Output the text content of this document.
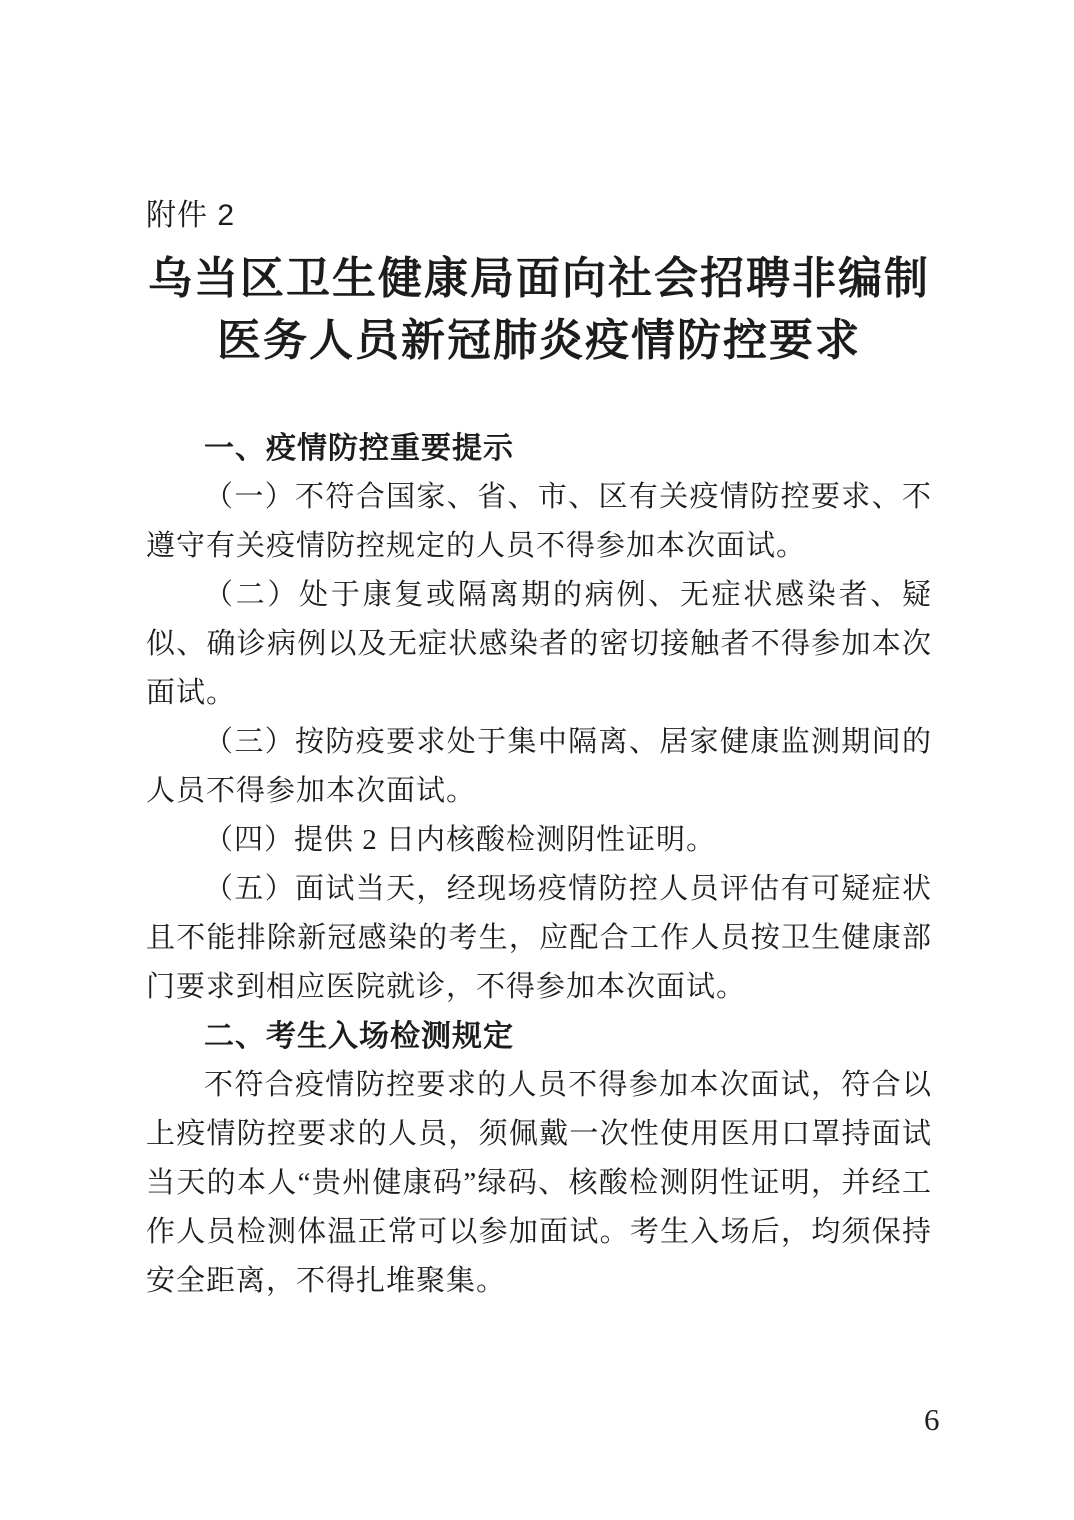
附件 2
乌当区卫生健康局面向社会招聘非编制
医务人员新冠肺炎疫情防控要求
一、疫情防控重要提示

（一）不符合国家、省、市、区有关疫情防控要求、不遵守有关疫情防控规定的人员不得参加本次面试。

（二）处于康复或隔离期的病例、无症状感染者、疑似、确诊病例以及无症状感染者的密切接触者不得参加本次面试。

（三）按防疫要求处于集中隔离、居家健康监测期间的人员不得参加本次面试。

（四）提供 2 日内核酸检测阴性证明。

（五）面试当天，经现场疫情防控人员评估有可疑症状且不能排除新冠感染的考生，应配合工作人员按卫生健康部门要求到相应医院就诊，不得参加本次面试。

二、考生入场检测规定

不符合疫情防控要求的人员不得参加本次面试，符合以上疫情防控要求的人员，须佩戴一次性使用医用口罩持面试当天的本人“贵州健康码”绿码、核酸检测阴性证明，并经工作人员检测体温正常可以参加面试。考生入场后，均须保持安全距离，不得扎堆聚集。

6
